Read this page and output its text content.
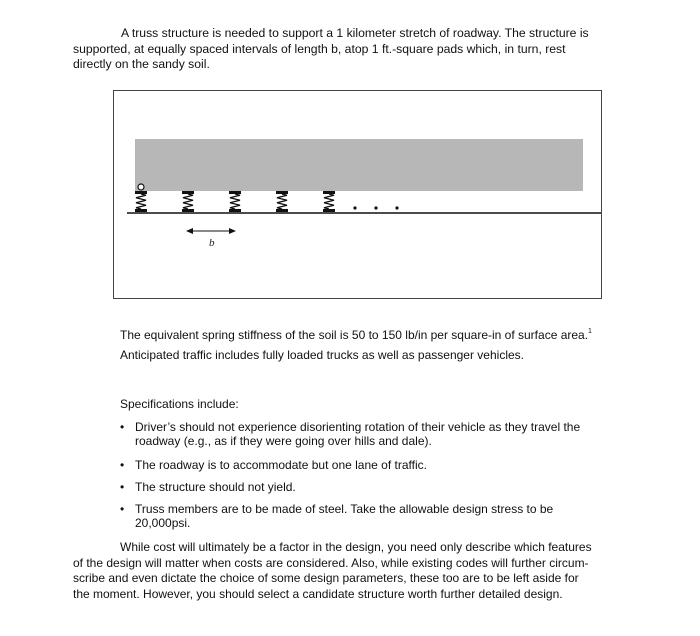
A truss structure is needed to support a 1 kilometer stretch of roadway. The structure is
supported, at equally spaced intervals of length b, atop 1 ft.-square pads which, in turn, rest
directly on the sandy soil.
b
The equivalent spring stiffness of the soil is 50 to 150 lb/in per square-in of surface area.$^1$
Anticipated traffic includes fully loaded trucks as well as passenger vehicles.
Specifications include:
• Driver’s should not experience disorienting rotation of their vehicle as they travel the
roadway (e.g., as if they were going over hills and dale).
• The roadway is to accommodate but one lane of traffic.
• The structure should not yield.
• Truss members are to be made of steel. Take the allowable design stress to be
20,000psi.
While cost will ultimately be a factor in the design, you need only describe which features
of the design will matter when costs are considered. Also, while existing codes will further circum-
scribe and even dictate the choice of some design parameters, these too are to be left aside for
the moment. However, you should select a candidate structure worth further detailed design.
